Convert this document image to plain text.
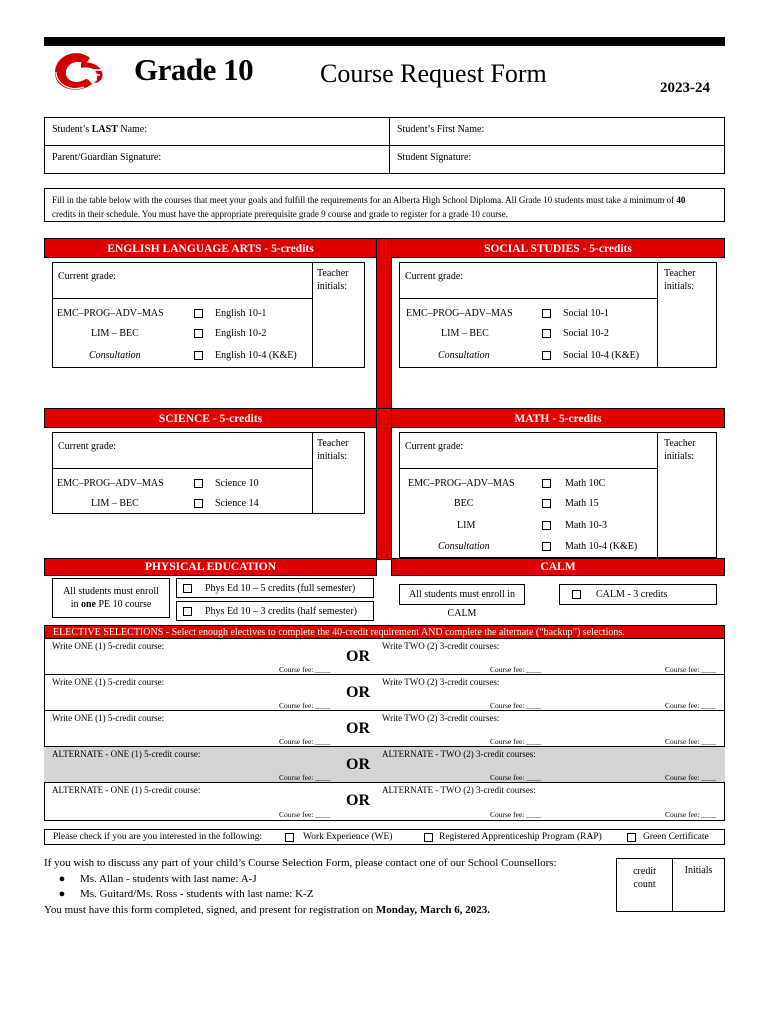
Grade 10	Course Request Form	2023-24
Student’s LAST Name:	Student’s First Name:
Parent/Guardian Signature:	Student Signature:
Fill in the table below with the courses that meet your goals and fulfill the requirements for an Alberta High School Diploma. All Grade 10 students must take a minimum of 40
credits in their schedule. You must have the appropriate prerequisite grade 9 course and grade to register for a grade 10 course.
ENGLISH LANGUAGE ARTS - 5-credits
Current grade:	Teacher
initials:
EMC–PROG–ADV–MAS	English 10-1
LIM – BEC	English 10-2
Consultation	English 10-4 (K&E)
SOCIAL STUDIES - 5-credits
Current grade:	Teacher
initials:
EMC–PROG–ADV–MAS	Social 10-1
LIM – BEC	Social 10-2
Consultation	Social 10-4 (K&E)
SCIENCE - 5-credits
Current grade:	Teacher
initials:
EMC–PROG–ADV–MAS	Science 10
LIM – BEC	Science 14
MATH - 5-credits
Current grade:	Teacher
initials:
EMC–PROG–ADV–MAS	Math 10C
BEC	Math 15
LIM	Math 10-3
Consultation	Math 10-4 (K&E)
PHYSICAL EDUCATION
All students must enroll
in one PE 10 course
Phys Ed 10 – 5 credits (full semester)
Phys Ed 10 – 3 credits (half semester)
CALM
All students must enroll in CALM
CALM - 3 credits
ELECTIVE SELECTIONS - Select enough electives to complete the 40-credit requirement AND complete the alternate (“backup”) selections.
Write ONE (1) 5-credit course:
Course fee: ____
OR
Write TWO (2) 3-credit courses:
Course fee: ____	Course fee: ____
Write ONE (1) 5-credit course:
Course fee: ____
OR
Write TWO (2) 3-credit courses:
Course fee: ____	Course fee: ____
Write ONE (1) 5-credit course:
Course fee: ____
OR
Write TWO (2) 3-credit courses:
Course fee: ____	Course fee: ____
ALTERNATE - ONE (1) 5-credit course:
Course fee: ____
OR
ALTERNATE - TWO (2) 3-credit courses:
Course fee: ____	Course fee: ____
ALTERNATE - ONE (1) 5-credit course:
Course fee: ____
OR
ALTERNATE - TWO (2) 3-credit courses:
Course fee: ____	Course fee: ____
Please check if you are you interested in the following:	Work Experience (WE)	Registered Apprenticeship Program (RAP)	Green Certificate
If you wish to discuss any part of your child’s Course Selection Form, please contact one of our School Counsellors:
● Ms. Allan - students with last name: A-J
● Ms. Guitard/Ms. Ross - students with last name: K-Z
You must have this form completed, signed, and present for registration on Monday, March 6, 2023.
credit
count
Initials
